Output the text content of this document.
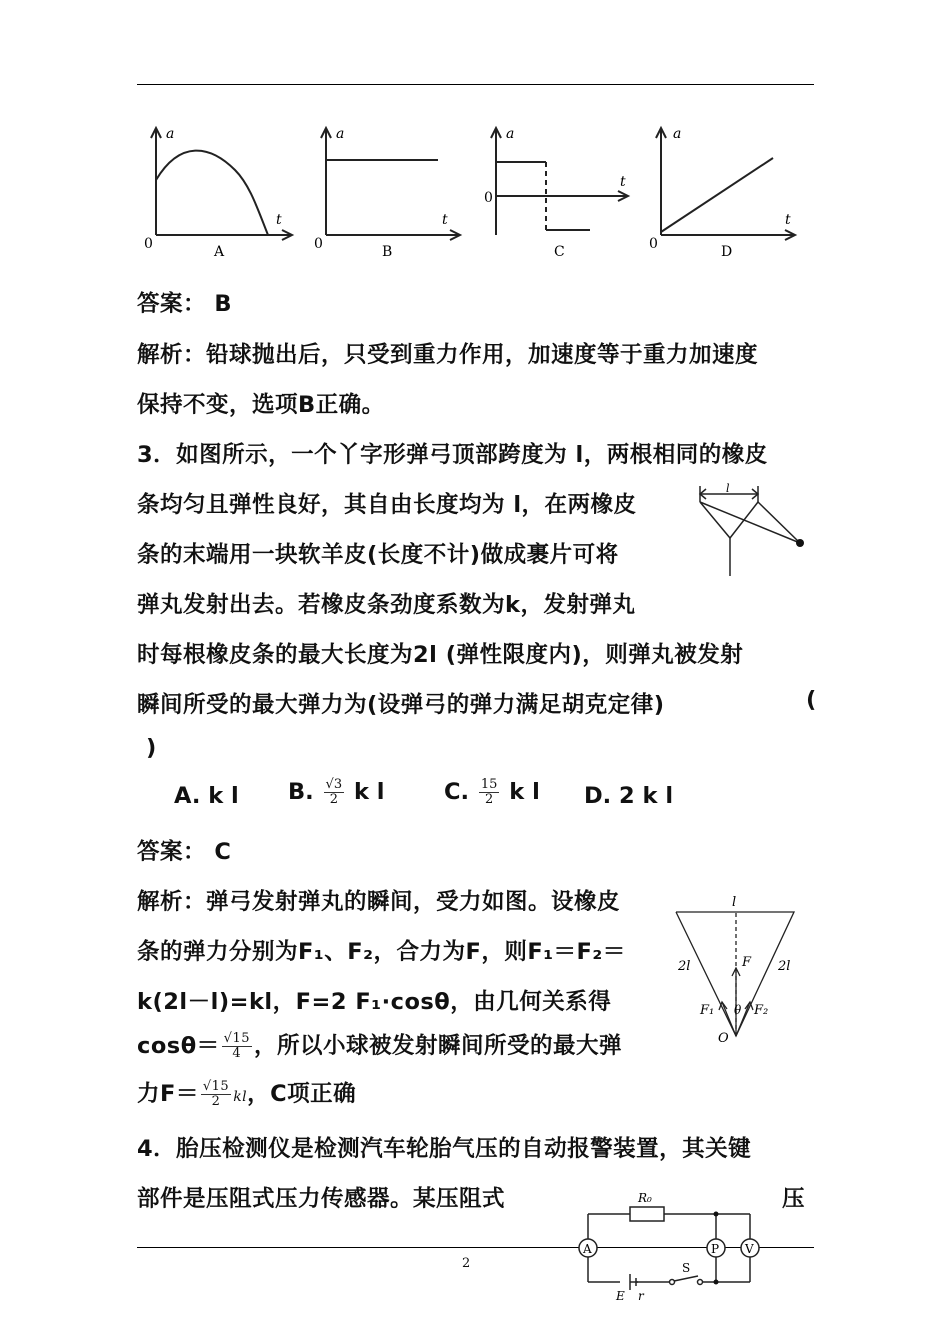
a
t
0	A
a
t
0	B
a
t
0
C
a
t
0	D
答案： B
解析：铅球抛出后，只受到重力作用，加速度等于重力加速度
保持不变，选项B正确。
3．如图所示，一个丫字形弹弓顶部跨度为 l，两根相同的橡皮
条均匀且弹性良好，其自由长度均为 l，在两橡皮
条的末端用一块软羊皮(长度不计)做成裹片可将
弹丸发射出去。若橡皮条劲度系数为k，发射弹丸
时每根橡皮条的最大长度为2l (弹性限度内)，则弹丸被发射
瞬间所受的最大弹力为(设弹弓的弹力满足胡克定律)	(
)
l
A. k l B. $\frac{√3}{2}$ k l	C. $\frac{15}{2}$ k l D. 2 k l
答案： C
解析：弹弓发射弹丸的瞬间，受力如图。设橡皮
条的弹力分别为F₁、F₂，合力为F，则F₁＝F₂＝
k(2l－l)=kl，F=2 F₁·cosθ，由几何关系得
$\cos\theta= \frac{√15}{4}$ ，所以小球被发射瞬间所受的最大弹
力$F= \frac{√15}{2}$ kl，C项正确
l
2l	2l
F
F₁	F₂
θ
O
4．胎压检测仪是检测汽车轮胎气压的自动报警装置，其关键
部件是压阻式压力传感器。某压阻式	压
2
A	P V
R₀
S
E r
